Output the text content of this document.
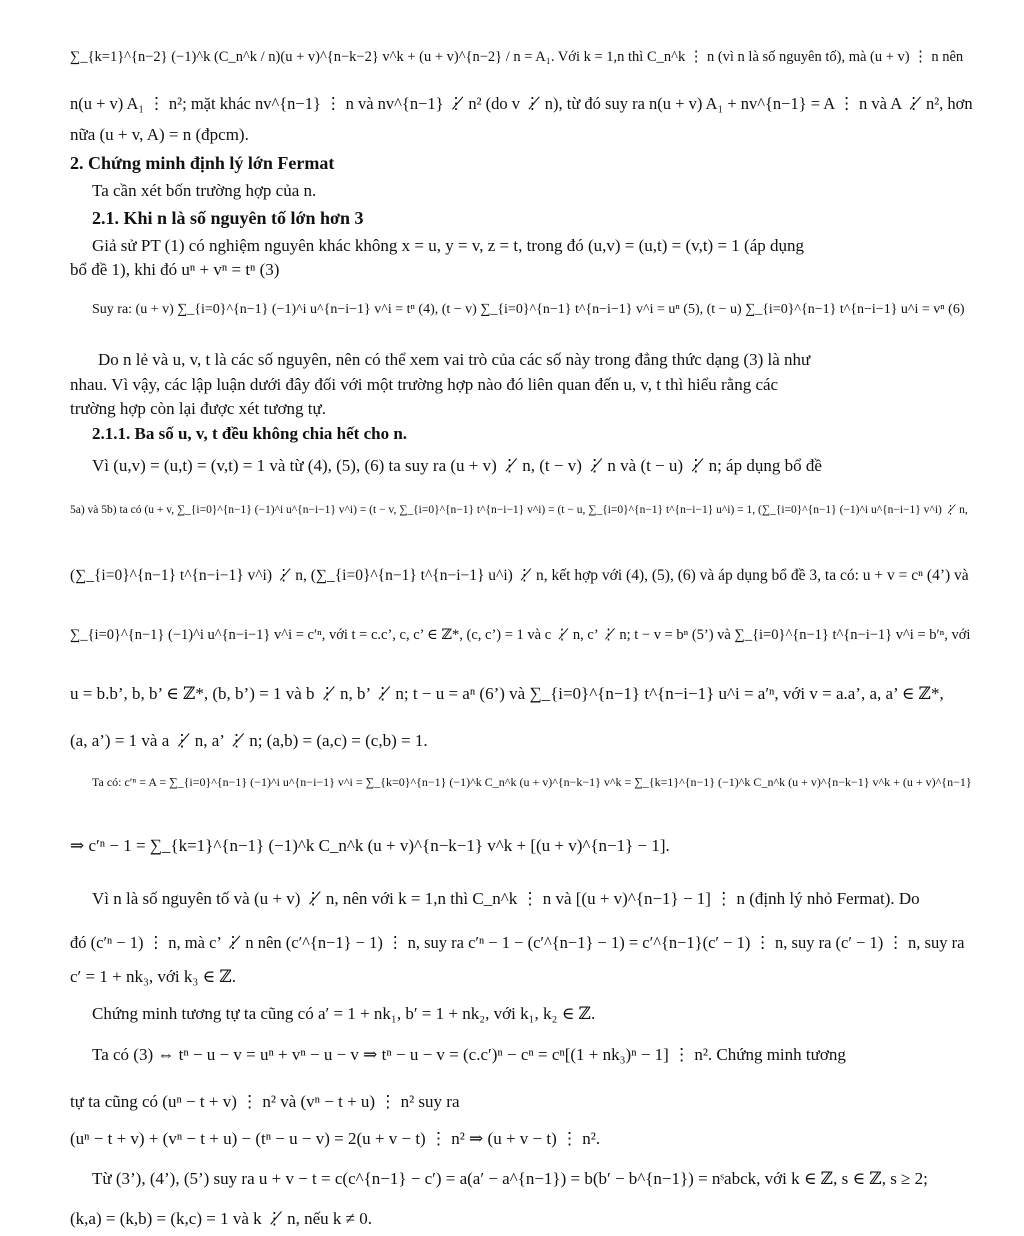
∑_{k=1}^{n−2} (−1)^k (C_n^k / n)(u + v)^{n−k−2} v^k + (u + v)^{n−2} / n = A₁. Với k = 1,n thì C_n^k ⋮ n (vì n là số nguyên tố), mà (u + v) ⋮ n nên
n(u + v) A₁ ⋮ n²; mặt khác nv^{n−1} ⋮ n và nv^{n−1} ⋮̸ n² (do v ⋮̸ n), từ đó suy ra n(u + v) A₁ + nv^{n−1} = A ⋮ n và A ⋮̸ n², hơn
nữa (u + v, A) = n (đpcm).
2. Chứng minh định lý lớn Fermat
Ta cần xét bốn trường hợp của n.
2.1. Khi n là số nguyên tố lớn hơn 3
Giả sử PT (1) có nghiệm nguyên khác không x = u, y = v, z = t, trong đó (u,v) = (u,t) = (v,t) = 1 (áp dụng
bổ đề 1), khi đó uⁿ + vⁿ = tⁿ (3)
Suy ra: (u + v) ∑_{i=0}^{n−1} (−1)^i u^{n−i−1} v^i = tⁿ (4), (t − v) ∑_{i=0}^{n−1} t^{n−i−1} v^i = uⁿ (5), (t − u) ∑_{i=0}^{n−1} t^{n−i−1} u^i = vⁿ (6)
Do n lẻ và u, v, t là các số nguyên, nên có thể xem vai trò của các số này trong đẳng thức dạng (3) là như
nhau. Vì vậy, các lập luận dưới đây đối với một trường hợp nào đó liên quan đến u, v, t thì hiểu rằng các
trường hợp còn lại được xét tương tự.
2.1.1. Ba số u, v, t đều không chia hết cho n.
Vì (u,v) = (u,t) = (v,t) = 1 và từ (4), (5), (6) ta suy ra (u + v) ⋮̸ n, (t − v) ⋮̸ n và (t − u) ⋮̸ n; áp dụng bổ đề
5a) và 5b) ta có (u + v, ∑_{i=0}^{n−1} (−1)^i u^{n−i−1} v^i) = (t − v, ∑_{i=0}^{n−1} t^{n−i−1} v^i) = (t − u, ∑_{i=0}^{n−1} t^{n−i−1} u^i) = 1, (∑_{i=0}^{n−1} (−1)^i u^{n−i−1} v^i) ⋮̸ n,
(∑_{i=0}^{n−1} t^{n−i−1} v^i) ⋮̸ n, (∑_{i=0}^{n−1} t^{n−i−1} u^i) ⋮̸ n, kết hợp với (4), (5), (6) và áp dụng bổ đề 3, ta có: u + v = cⁿ (4’) và
∑_{i=0}^{n−1} (−1)^i u^{n−i−1} v^i = c′ⁿ, với t = c.c’, c, c’ ∈ ℤ*, (c, c’) = 1 và c ⋮̸ n, c’ ⋮̸ n; t − v = bⁿ (5’) và ∑_{i=0}^{n−1} t^{n−i−1} v^i = b′ⁿ, với
u = b.b’, b, b’ ∈ ℤ*, (b, b’) = 1 và b ⋮̸ n, b’ ⋮̸ n; t − u = aⁿ (6’) và ∑_{i=0}^{n−1} t^{n−i−1} u^i = a′ⁿ, với v = a.a’, a, a’ ∈ ℤ*,
(a, a’) = 1 và a ⋮̸ n, a’ ⋮̸ n; (a,b) = (a,c) = (c,b) = 1.
Ta có: c′ⁿ = A = ∑_{i=0}^{n−1} (−1)^i u^{n−i−1} v^i = ∑_{k=0}^{n−1} (−1)^k C_n^k (u + v)^{n−k−1} v^k = ∑_{k=1}^{n−1} (−1)^k C_n^k (u + v)^{n−k−1} v^k + (u + v)^{n−1}
⇒ c′ⁿ − 1 = ∑_{k=1}^{n−1} (−1)^k C_n^k (u + v)^{n−k−1} v^k + [(u + v)^{n−1} − 1].
Vì n là số nguyên tố và (u + v) ⋮̸ n, nên với k = 1,n thì C_n^k ⋮ n và [(u + v)^{n−1} − 1] ⋮ n (định lý nhỏ Fermat). Do
đó (c′ⁿ − 1) ⋮ n, mà c’ ⋮̸ n nên (c′^{n−1} − 1) ⋮ n, suy ra c′ⁿ − 1 − (c′^{n−1} − 1) = c′^{n−1}(c′ − 1) ⋮ n, suy ra (c′ − 1) ⋮ n, suy ra
c′ = 1 + nk₃, với k₃ ∈ ℤ.
Chứng minh tương tự ta cũng có a′ = 1 + nk₁, b′ = 1 + nk₂, với k₁, k₂ ∈ ℤ.
Ta có (3) ⇔ tⁿ − u − v = uⁿ + vⁿ − u − v ⇒ tⁿ − u − v = (c.c′)ⁿ − cⁿ = cⁿ[(1 + nk₃)ⁿ − 1] ⋮ n². Chứng minh tương
tự ta cũng có (uⁿ − t + v) ⋮ n² và (vⁿ − t + u) ⋮ n² suy ra
(uⁿ − t + v) + (vⁿ − t + u) − (tⁿ − u − v) = 2(u + v − t) ⋮ n² ⇒ (u + v − t) ⋮ n².
Từ (3’), (4’), (5’) suy ra u + v − t = c(c^{n−1} − c′) = a(a′ − a^{n−1}) = b(b′ − b^{n−1}) = nˢabck, với k ∈ ℤ, s ∈ ℤ, s ≥ 2;
(k,a) = (k,b) = (k,c) = 1 và k ⋮̸ n, nếu k ≠ 0.
